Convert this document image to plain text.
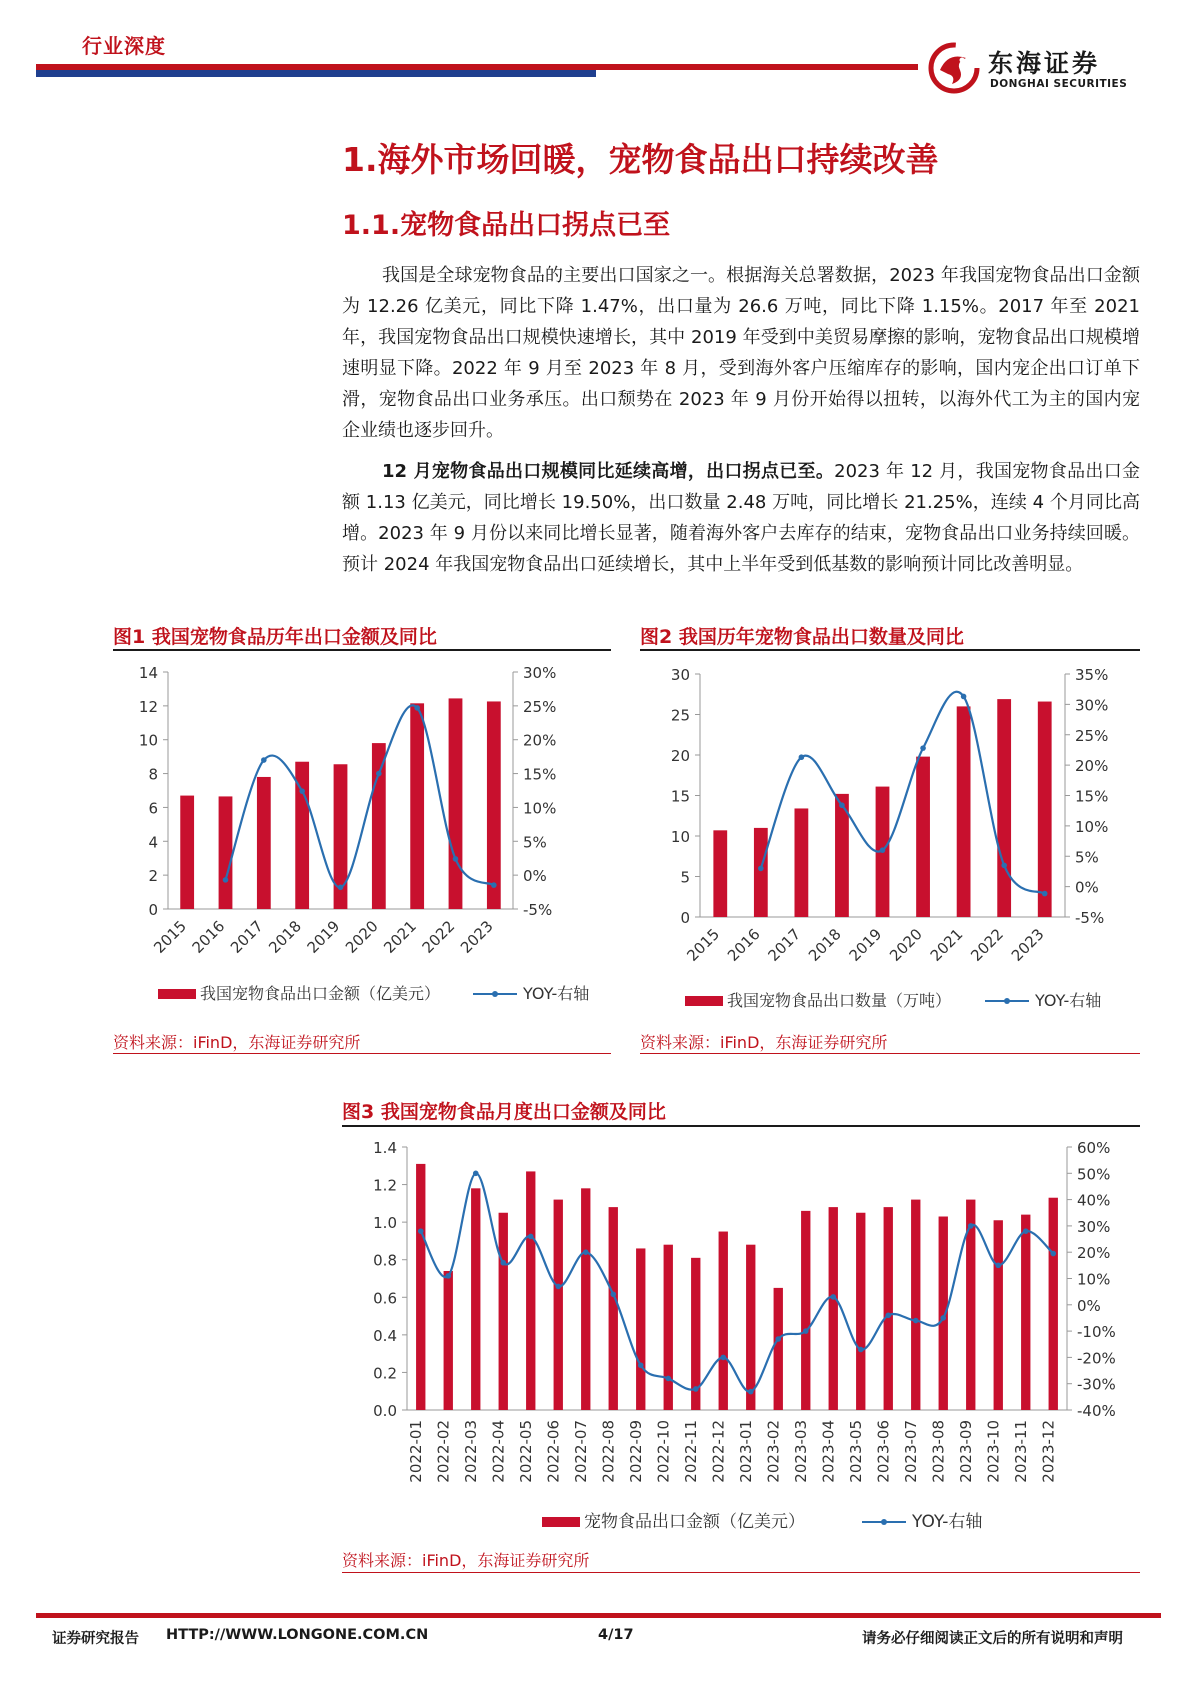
行业深度
东海证券
DONGHAI SECURITIES
1.海外市场回暖，宠物食品出口持续改善
1.1.宠物食品出口拐点已至

我国是全球宠物食品的主要出口国家之一。根据海关总署数据，2023 年我国宠物食品出口金额为 12.26 亿美元，同比下降 1.47%，出口量为 26.6 万吨，同比下降 1.15%。2017 年至 2021 年，我国宠物食品出口规模快速增长，其中 2019 年受到中美贸易摩擦的影响，宠物食品出口规模增速明显下降。2022 年 9 月至 2023 年 8 月，受到海外客户压缩库存的影响，国内宠企出口订单下滑，宠物食品出口业务承压。出口颓势在 2023 年 9 月份开始得以扭转，以海外代工为主的国内宠企业绩也逐步回升。

12 月宠物食品出口规模同比延续高增，出口拐点已至。2023 年 12 月，我国宠物食品出口金额 1.13 亿美元，同比增长 19.50%，出口数量 2.48 万吨，同比增长 21.25%，连续 4 个月同比高增。2023 年 9 月份以来同比增长显著，随着海外客户去库存的结束，宠物食品出口业务持续回暖。预计 2024 年我国宠物食品出口延续增长，其中上半年受到低基数的影响预计同比改善明显。

图1 我国宠物食品历年出口金额及同比
0
2
4
6
8
10
12
14
-5%
0%
5%
10%
15%
20%
25%
30%
2015
2016
2017
2018
2019
2020
2021
2022
2023
我国宠物食品出口金额（亿美元）	YOY-右轴
资料来源：iFinD，东海证券研究所
图2 我国历年宠物食品出口数量及同比
0
5
10
15
20
25
30
-5%
0%
5%
10%
15%
20%
25%
30%
35%
2015 2016 2017 2018 2019 2020 2021 2022 2023
我国宠物食品出口数量（万吨）	YOY-右轴
资料来源：iFinD，东海证券研究所
图3 我国宠物食品月度出口金额及同比
0.0
0.2
0.4
0.6
0.8
1.0
1.2
1.4
-40%
-30%
-20%
-10%
0%
10%
20%
30%
40%
50%
60%
2022-01 2022-02 2022-03 2022-04 2022-05 2022-06 2022-07 2022-08 2022-09 2022-10 2022-11 2022-12 2023-01 2023-02 2023-03 2023-04 2023-05 2023-06 2023-07 2023-08 2023-09 2023-10 2023-11 2023-12
宠物食品出口金额（亿美元）	YOY-右轴
资料来源：iFinD，东海证券研究所
证券研究报告 HTTP://WWW.LONGONE.COM.CN	4/17	请务必仔细阅读正文后的所有说明和声明
